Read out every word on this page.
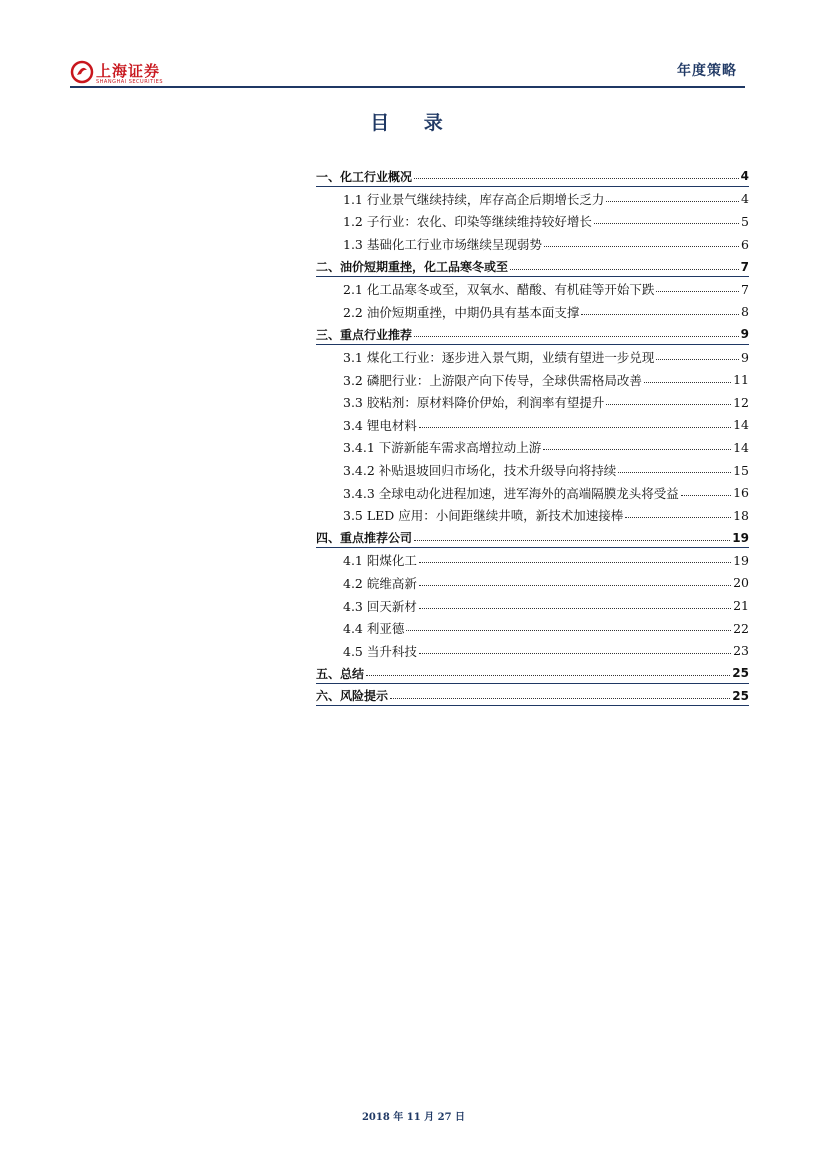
上海证券
SHANGHAI SECURITIES
年度策略
目 录
一、化工行业概况	4
1.1 行业景气继续持续，库存高企后期增长乏力	4
1.2 子行业：农化、印染等继续维持较好增长	5
1.3 基础化工行业市场继续呈现弱势	6
二、油价短期重挫，化工品寒冬或至	7
2.1 化工品寒冬或至，双氧水、醋酸、有机硅等开始下跌	7
2.2 油价短期重挫，中期仍具有基本面支撑	8
三、重点行业推荐	9
3.1 煤化工行业：逐步进入景气期，业绩有望进一步兑现	9
3.2 磷肥行业：上游限产向下传导，全球供需格局改善	11
3.3 胶粘剂：原材料降价伊始，利润率有望提升	12
3.4 锂电材料	14
3.4.1 下游新能车需求高增拉动上游	14
3.4.2 补贴退坡回归市场化，技术升级导向将持续	15
3.4.3 全球电动化进程加速，进军海外的高端隔膜龙头将受益	16
3.5 LED 应用：小间距继续井喷，新技术加速接棒	18
四、重点推荐公司	19
4.1 阳煤化工	19
4.2 皖维高新	20
4.3 回天新材	21
4.4 利亚德	22
4.5 当升科技	23
五、总结	25
六、风险提示	25
2018 年 11 月 27 日
